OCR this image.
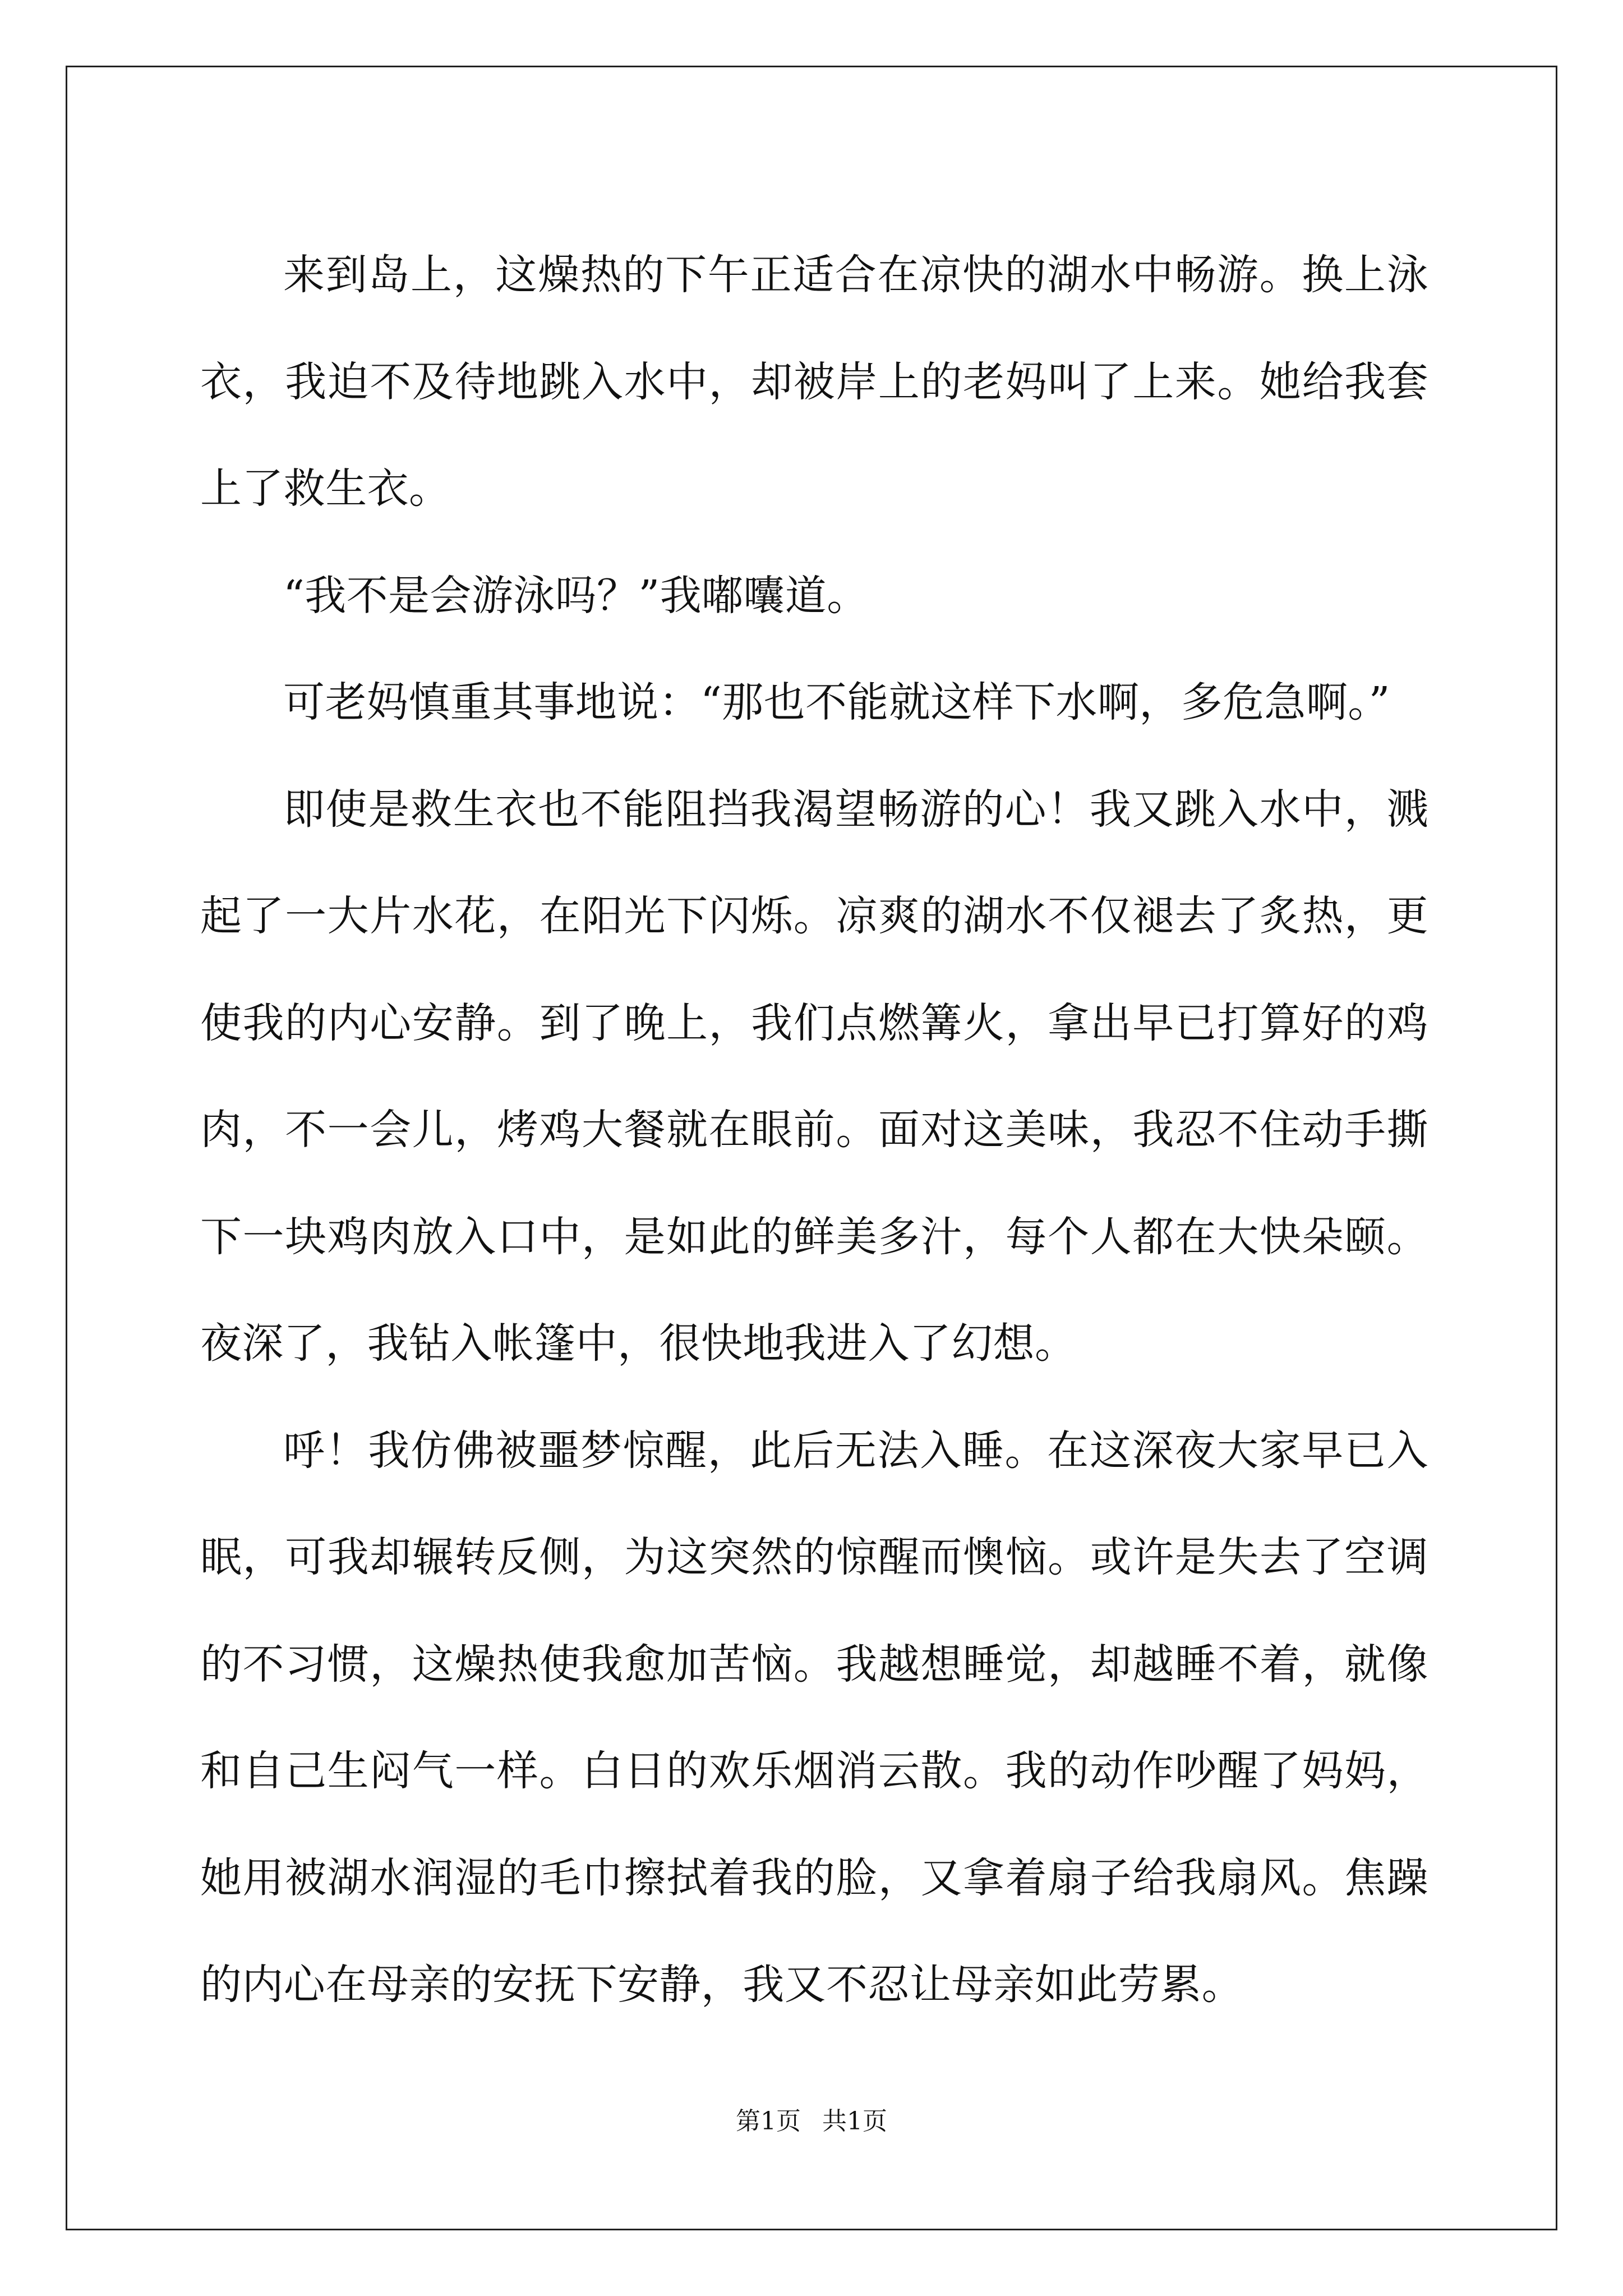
来到岛上，这燥热的下午正适合在凉快的湖水中畅游。换上泳衣，我迫不及待地跳入水中，却被岸上的老妈叫了上来。她给我套上了救生衣。

“我不是会游泳吗？”我嘟囔道。

可老妈慎重其事地说：“那也不能就这样下水啊，多危急啊。”

即使是救生衣也不能阻挡我渴望畅游的心！我又跳入水中，溅起了一大片水花，在阳光下闪烁。凉爽的湖水不仅褪去了炙热，更使我的内心安静。到了晚上，我们点燃篝火，拿出早已打算好的鸡肉，不一会儿，烤鸡大餐就在眼前。面对这美味，我忍不住动手撕下一块鸡肉放入口中，是如此的鲜美多汁，每个人都在大快朵颐。夜深了，我钻入帐篷中，很快地我进入了幻想。

呼！我仿佛被噩梦惊醒，此后无法入睡。在这深夜大家早已入眠，可我却辗转反侧，为这突然的惊醒而懊恼。或许是失去了空调的不习惯，这燥热使我愈加苦恼。我越想睡觉，却越睡不着，就像和自己生闷气一样。白日的欢乐烟消云散。我的动作吵醒了妈妈，她用被湖水润湿的毛巾擦拭着我的脸，又拿着扇子给我扇风。焦躁的内心在母亲的安抚下安静，我又不忍让母亲如此劳累。

第1页 共1页
